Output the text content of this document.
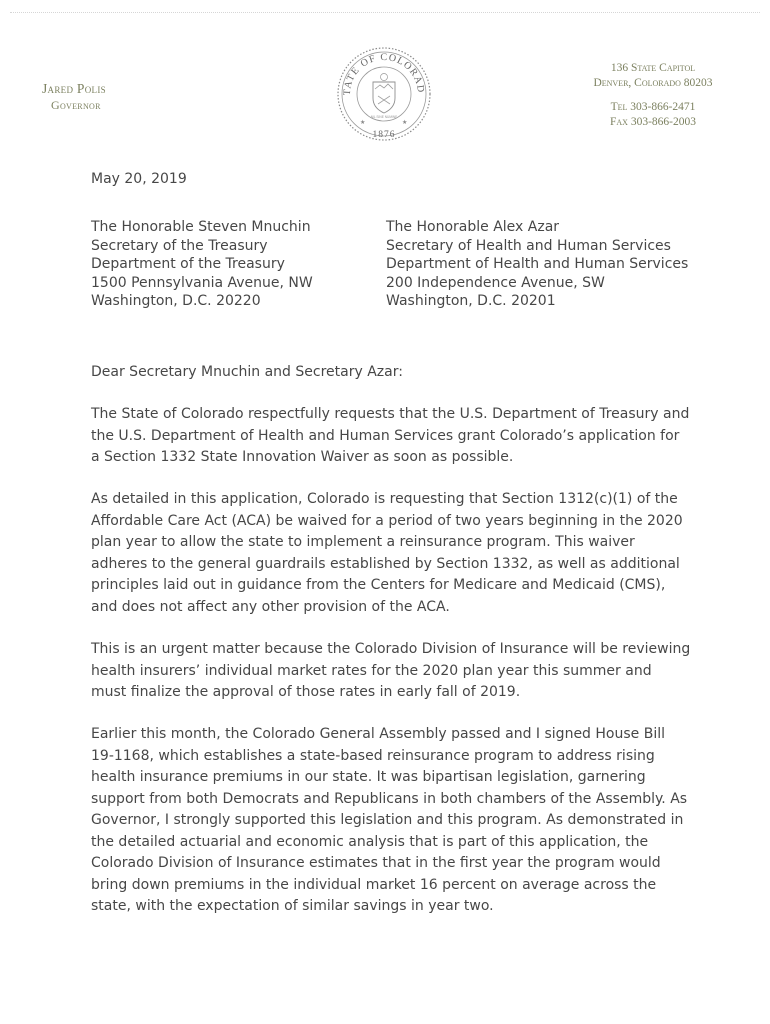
Jared Polis
Governor
TATE OF COLORAD
1876
★	★
NIL SINE NUMINE
136 State Capitol
Denver, Colorado 80203
Tel 303-866-2471
Fax 303-866-2003
May 20, 2019
The Honorable Steven Mnuchin
Secretary of the Treasury
Department of the Treasury
1500 Pennsylvania Avenue, NW
Washington, D.C. 20220
The Honorable Alex Azar
Secretary of Health and Human Services
Department of Health and Human Services
200 Independence Avenue, SW
Washington, D.C. 20201
Dear Secretary Mnuchin and Secretary Azar:

The State of Colorado respectfully requests that the U.S. Department of Treasury and the U.S. Department of Health and Human Services grant Colorado’s application for a Section 1332 State Innovation Waiver as soon as possible.

As detailed in this application, Colorado is requesting that Section 1312(c)(1) of the Affordable Care Act (ACA) be waived for a period of two years beginning in the 2020 plan year to allow the state to implement a reinsurance program. This waiver adheres to the general guardrails established by Section 1332, as well as additional principles laid out in guidance from the Centers for Medicare and Medicaid (CMS), and does not affect any other provision of the ACA.

This is an urgent matter because the Colorado Division of Insurance will be reviewing health insurers’ individual market rates for the 2020 plan year this summer and must finalize the approval of those rates in early fall of 2019.

Earlier this month, the Colorado General Assembly passed and I signed House Bill 19-1168, which establishes a state-based reinsurance program to address rising health insurance premiums in our state. It was bipartisan legislation, garnering support from both Democrats and Republicans in both chambers of the Assembly. As Governor, I strongly supported this legislation and this program. As demonstrated in the detailed actuarial and economic analysis that is part of this application, the Colorado Division of Insurance estimates that in the first year the program would bring down premiums in the individual market 16 percent on average across the state, with the expectation of similar savings in year two.
